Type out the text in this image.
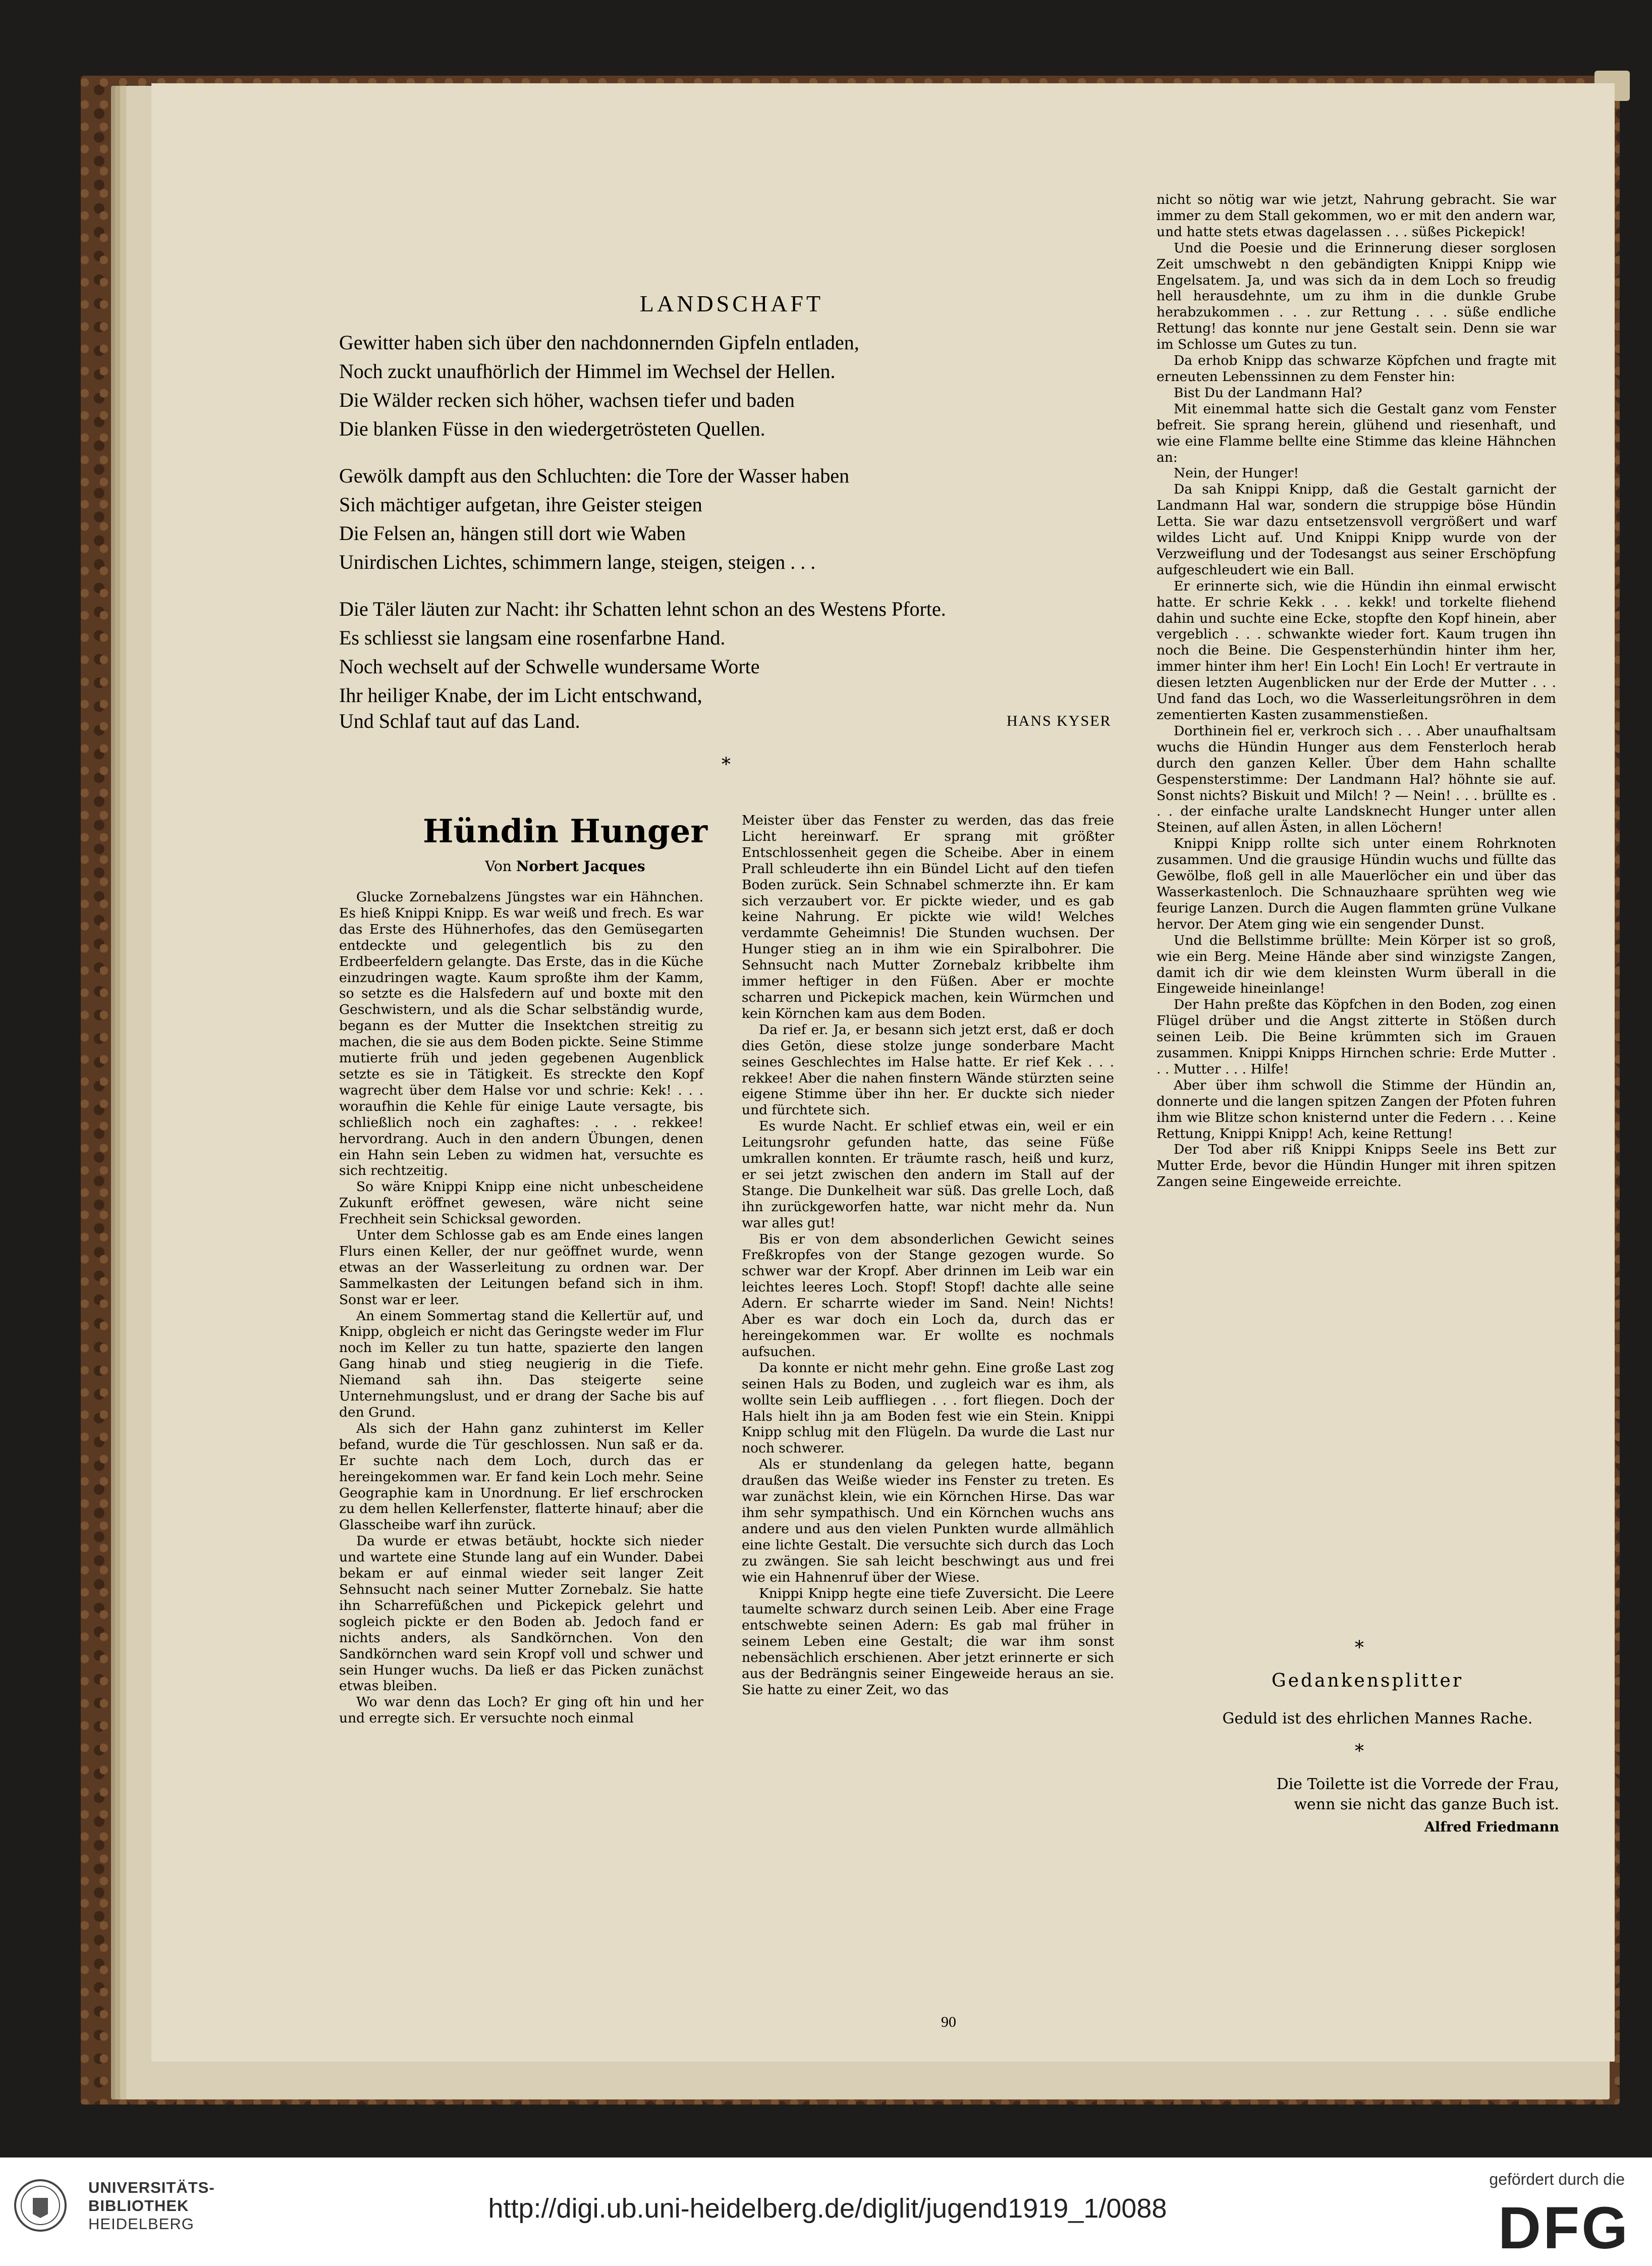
LANDSCHAFT
Gewitter haben sich über den nachdonnernden Gipfeln entladen,
Noch zuckt unaufhörlich der Himmel im Wechsel der Hellen.
Die Wälder recken sich höher, wachsen tiefer und baden
Die blanken Füsse in den wiedergetrösteten Quellen.
Gewölk dampft aus den Schluchten: die Tore der Wasser haben
Sich mächtiger aufgetan, ihre Geister steigen
Die Felsen an, hängen still dort wie Waben
Unirdischen Lichtes, schimmern lange, steigen, steigen . . .
Die Täler läuten zur Nacht: ihr Schatten lehnt schon an des Westens Pforte.
Es schliesst sie langsam eine rosenfarbne Hand.
Noch wechselt auf der Schwelle wundersame Worte
Ihr heiliger Knabe, der im Licht entschwand,
Und Schlaf taut auf das Land.	HANS KYSER
*
Hündin Hunger
Von Norbert Jacques

Glucke Zornebalzens Jüngstes war ein Hähnchen. Es hieß Knippi Knipp. Es war weiß und frech. Es war das Erste des Hühnerhofes, das den Gemüsegarten entdeckte und gelegentlich bis zu den Erdbeerfeldern gelangte. Das Erste, das in die Küche einzudringen wagte. Kaum sproßte ihm der Kamm, so setzte es die Halsfedern auf und boxte mit den Geschwistern, und als die Schar selbständig wurde, begann es der Mutter die Insektchen streitig zu machen, die sie aus dem Boden pickte. Seine Stimme mutierte früh und jeden gegebenen Augenblick setzte es sie in Tätigkeit. Es streckte den Kopf wagrecht über dem Halse vor und schrie: Kek! . . . woraufhin die Kehle für einige Laute versagte, bis schließlich noch ein zaghaftes: . . . rekkee! hervordrang. Auch in den andern Übungen, denen ein Hahn sein Leben zu widmen hat, versuchte es sich rechtzeitig.

So wäre Knippi Knipp eine nicht unbescheidene Zukunft eröffnet gewesen, wäre nicht seine Frechheit sein Schicksal geworden.

Unter dem Schlosse gab es am Ende eines langen Flurs einen Keller, der nur geöffnet wurde, wenn etwas an der Wasserleitung zu ordnen war. Der Sammelkasten der Leitungen befand sich in ihm. Sonst war er leer.

An einem Sommertag stand die Kellertür auf, und Knipp, obgleich er nicht das Geringste weder im Flur noch im Keller zu tun hatte, spazierte den langen Gang hinab und stieg neugierig in die Tiefe. Niemand sah ihn. Das steigerte seine Unternehmungslust, und er drang der Sache bis auf den Grund.

Als sich der Hahn ganz zuhinterst im Keller befand, wurde die Tür geschlossen. Nun saß er da. Er suchte nach dem Loch, durch das er hereingekommen war. Er fand kein Loch mehr. Seine Geographie kam in Unordnung. Er lief erschrocken zu dem hellen Kellerfenster, flatterte hinauf; aber die Glasscheibe warf ihn zurück.

Da wurde er etwas betäubt, hockte sich nieder und wartete eine Stunde lang auf ein Wunder. Dabei bekam er auf einmal wieder seit langer Zeit Sehnsucht nach seiner Mutter Zornebalz. Sie hatte ihn Scharrefüßchen und Pickepick gelehrt und sogleich pickte er den Boden ab. Jedoch fand er nichts anders, als Sandkörnchen. Von den Sandkörnchen ward sein Kropf voll und schwer und sein Hunger wuchs. Da ließ er das Picken zunächst etwas bleiben.

Wo war denn das Loch? Er ging oft hin und her und erregte sich. Er versuchte noch einmal

Meister über das Fenster zu werden, das das freie Licht hereinwarf. Er sprang mit größter Entschlossenheit gegen die Scheibe. Aber in einem Prall schleuderte ihn ein Bündel Licht auf den tiefen Boden zurück. Sein Schnabel schmerzte ihn. Er kam sich verzaubert vor. Er pickte wieder, und es gab keine Nahrung. Er pickte wie wild! Welches verdammte Geheimnis! Die Stunden wuchsen. Der Hunger stieg an in ihm wie ein Spiralbohrer. Die Sehnsucht nach Mutter Zornebalz kribbelte ihm immer heftiger in den Füßen. Aber er mochte scharren und Pickepick machen, kein Würmchen und kein Körnchen kam aus dem Boden.

Da rief er. Ja, er besann sich jetzt erst, daß er doch dies Getön, diese stolze junge sonderbare Macht seines Geschlechtes im Halse hatte. Er rief Kek . . . rekkee! Aber die nahen finstern Wände stürzten seine eigene Stimme über ihn her. Er duckte sich nieder und fürchtete sich.

Es wurde Nacht. Er schlief etwas ein, weil er ein Leitungsrohr gefunden hatte, das seine Füße umkrallen konnten. Er träumte rasch, heiß und kurz, er sei jetzt zwischen den andern im Stall auf der Stange. Die Dunkelheit war süß. Das grelle Loch, daß ihn zurückgeworfen hatte, war nicht mehr da. Nun war alles gut!

Bis er von dem absonderlichen Gewicht seines Freßkropfes von der Stange gezogen wurde. So schwer war der Kropf. Aber drinnen im Leib war ein leichtes leeres Loch. Stopf! Stopf! dachte alle seine Adern. Er scharrte wieder im Sand. Nein! Nichts! Aber es war doch ein Loch da, durch das er hereingekommen war. Er wollte es nochmals aufsuchen.

Da konnte er nicht mehr gehn. Eine große Last zog seinen Hals zu Boden, und zugleich war es ihm, als wollte sein Leib auffliegen . . . fort fliegen. Doch der Hals hielt ihn ja am Boden fest wie ein Stein. Knippi Knipp schlug mit den Flügeln. Da wurde die Last nur noch schwerer.

Als er stundenlang da gelegen hatte, begann draußen das Weiße wieder ins Fenster zu treten. Es war zunächst klein, wie ein Körnchen Hirse. Das war ihm sehr sympathisch. Und ein Körnchen wuchs ans andere und aus den vielen Punkten wurde allmählich eine lichte Gestalt. Die versuchte sich durch das Loch zu zwängen. Sie sah leicht beschwingt aus und frei wie ein Hahnenruf über der Wiese.

Knippi Knipp hegte eine tiefe Zuversicht. Die Leere taumelte schwarz durch seinen Leib. Aber eine Frage entschwebte seinen Adern: Es gab mal früher in seinem Leben eine Gestalt; die war ihm sonst nebensächlich erschienen. Aber jetzt erinnerte er sich aus der Bedrängnis seiner Eingeweide heraus an sie. Sie hatte zu einer Zeit, wo das

nicht so nötig war wie jetzt, Nahrung gebracht. Sie war immer zu dem Stall gekommen, wo er mit den andern war, und hatte stets etwas dagelassen . . . süßes Pickepick!

Und die Poesie und die Erinnerung dieser sorglosen Zeit umschwebt n den gebändigten Knippi Knipp wie Engelsatem. Ja, und was sich da in dem Loch so freudig hell herausdehnte, um zu ihm in die dunkle Grube herabzukommen . . . zur Rettung . . . süße endliche Rettung! das konnte nur jene Gestalt sein. Denn sie war im Schlosse um Gutes zu tun.

Da erhob Knipp das schwarze Köpfchen und fragte mit erneuten Lebenssinnen zu dem Fenster hin:

Bist Du der Landmann Hal?

Mit einemmal hatte sich die Gestalt ganz vom Fenster befreit. Sie sprang herein, glühend und riesenhaft, und wie eine Flamme bellte eine Stimme das kleine Hähnchen an:

Nein, der Hunger!

Da sah Knippi Knipp, daß die Gestalt garnicht der Landmann Hal war, sondern die struppige böse Hündin Letta. Sie war dazu entsetzensvoll vergrößert und warf wildes Licht auf. Und Knippi Knipp wurde von der Verzweiflung und der Todesangst aus seiner Erschöpfung aufgeschleudert wie ein Ball.

Er erinnerte sich, wie die Hündin ihn einmal erwischt hatte. Er schrie Kekk . . . kekk! und torkelte fliehend dahin und suchte eine Ecke, stopfte den Kopf hinein, aber vergeblich . . . schwankte wieder fort. Kaum trugen ihn noch die Beine. Die Gespensterhündin hinter ihm her, immer hinter ihm her! Ein Loch! Ein Loch! Er vertraute in diesen letzten Augenblicken nur der Erde der Mutter . . . Und fand das Loch, wo die Wasserleitungsröhren in dem zementierten Kasten zusammenstießen.

Dorthinein fiel er, verkroch sich . . . Aber unaufhaltsam wuchs die Hündin Hunger aus dem Fensterloch herab durch den ganzen Keller. Über dem Hahn schallte Gespensterstimme: Der Landmann Hal? höhnte sie auf. Sonst nichts? Biskuit und Milch! ? — Nein! . . . brüllte es . . . der einfache uralte Landsknecht Hunger unter allen Steinen, auf allen Ästen, in allen Löchern!

Knippi Knipp rollte sich unter einem Rohrknoten zusammen. Und die grausige Hündin wuchs und füllte das Gewölbe, floß gell in alle Mauerlöcher ein und über das Wasserkastenloch. Die Schnauzhaare sprühten weg wie feurige Lanzen. Durch die Augen flammten grüne Vulkane hervor. Der Atem ging wie ein sengender Dunst.

Und die Bellstimme brüllte: Mein Körper ist so groß, wie ein Berg. Meine Hände aber sind winzigste Zangen, damit ich dir wie dem kleinsten Wurm überall in die Eingeweide hineinlange!

Der Hahn preßte das Köpfchen in den Boden, zog einen Flügel drüber und die Angst zitterte in Stößen durch seinen Leib. Die Beine krümmten sich im Grauen zusammen. Knippi Knipps Hirnchen schrie: Erde Mutter . . . Mutter . . . Hilfe!

Aber über ihm schwoll die Stimme der Hündin an, donnerte und die langen spitzen Zangen der Pfoten fuhren ihm wie Blitze schon knisternd unter die Federn . . . Keine Rettung, Knippi Knipp! Ach, keine Rettung!

Der Tod aber riß Knippi Knipps Seele ins Bett zur Mutter Erde, bevor die Hündin Hunger mit ihren spitzen Zangen seine Eingeweide erreichte.

*
Gedankensplitter
Geduld ist des ehrlichen Mannes Rache.
*
Die Toilette ist die Vorrede der Frau,
wenn sie nicht das ganze Buch ist.
Alfred Friedmann
90
UNIVERSITÄTS-
BIBLIOTHEK
HEIDELBERG
http://digi.ub.uni-heidelberg.de/diglit/jugend1919_1/0088
gefördert durch die
DFG
